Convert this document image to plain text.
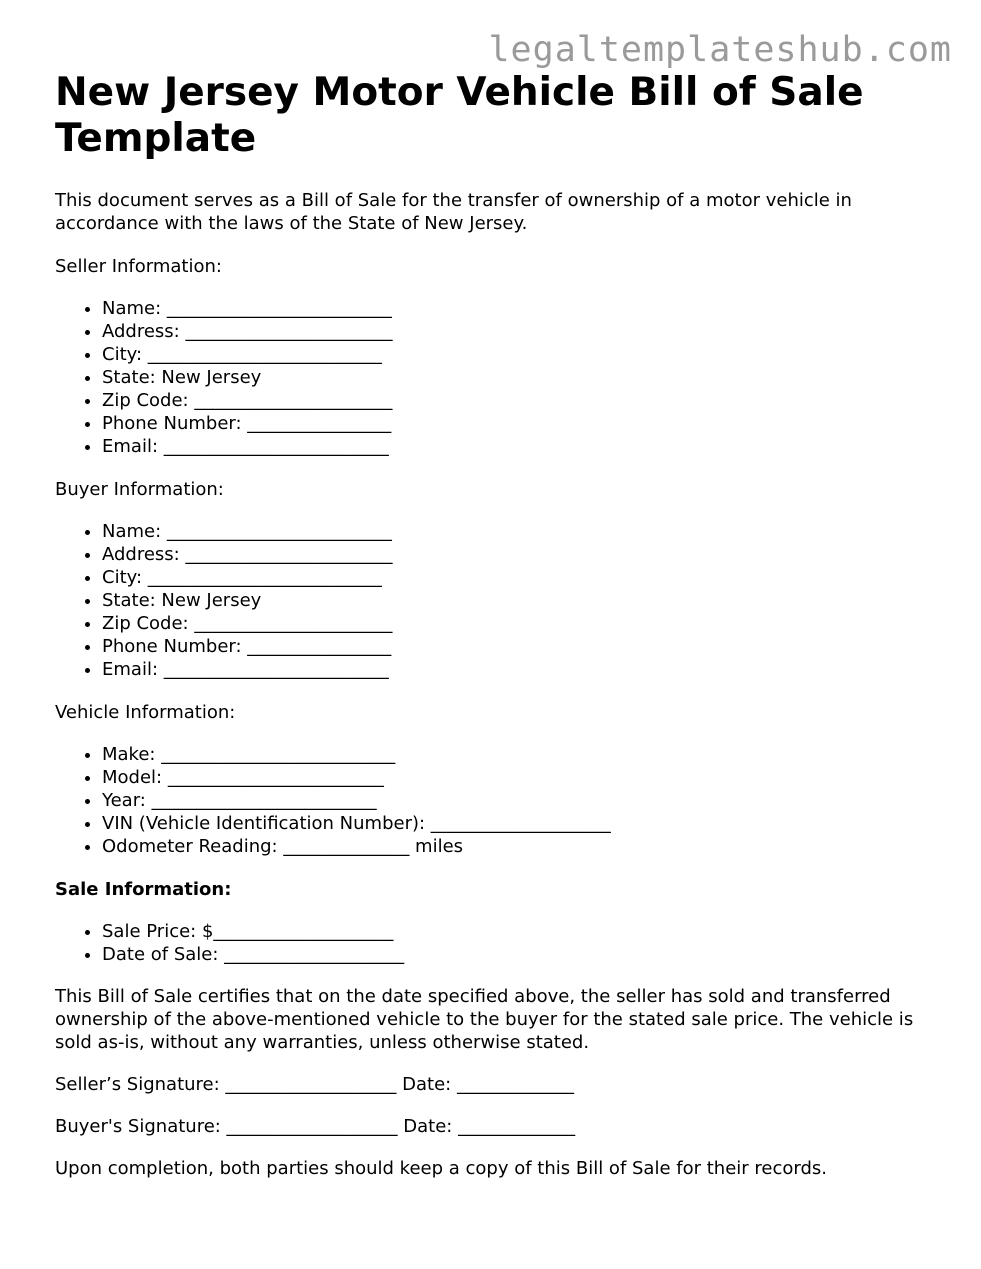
legaltemplateshub.com
New Jersey Motor Vehicle Bill of Sale Template

This document serves as a Bill of Sale for the transfer of ownership of a motor vehicle in accordance with the laws of the State of New Jersey.

Seller Information:

• Name: _________________________
• Address: _______________________
• City: __________________________
• State: New Jersey
• Zip Code: ______________________
• Phone Number: ________________
• Email: _________________________

Buyer Information:

• Name: _________________________
• Address: _______________________
• City: __________________________
• State: New Jersey
• Zip Code: ______________________
• Phone Number: ________________
• Email: _________________________

Vehicle Information:

• Make: __________________________
• Model: ________________________
• Year: _________________________
• VIN (Vehicle Identification Number): ____________________
• Odometer Reading: ______________ miles

Sale Information:

• Sale Price: $____________________
• Date of Sale: ____________________

This Bill of Sale certifies that on the date specified above, the seller has sold and transferred ownership of the above-mentioned vehicle to the buyer for the stated sale price. The vehicle is sold as-is, without any warranties, unless otherwise stated.

Seller’s Signature: ___________________ Date: _____________

Buyer's Signature: ___________________ Date: _____________

Upon completion, both parties should keep a copy of this Bill of Sale for their records.
